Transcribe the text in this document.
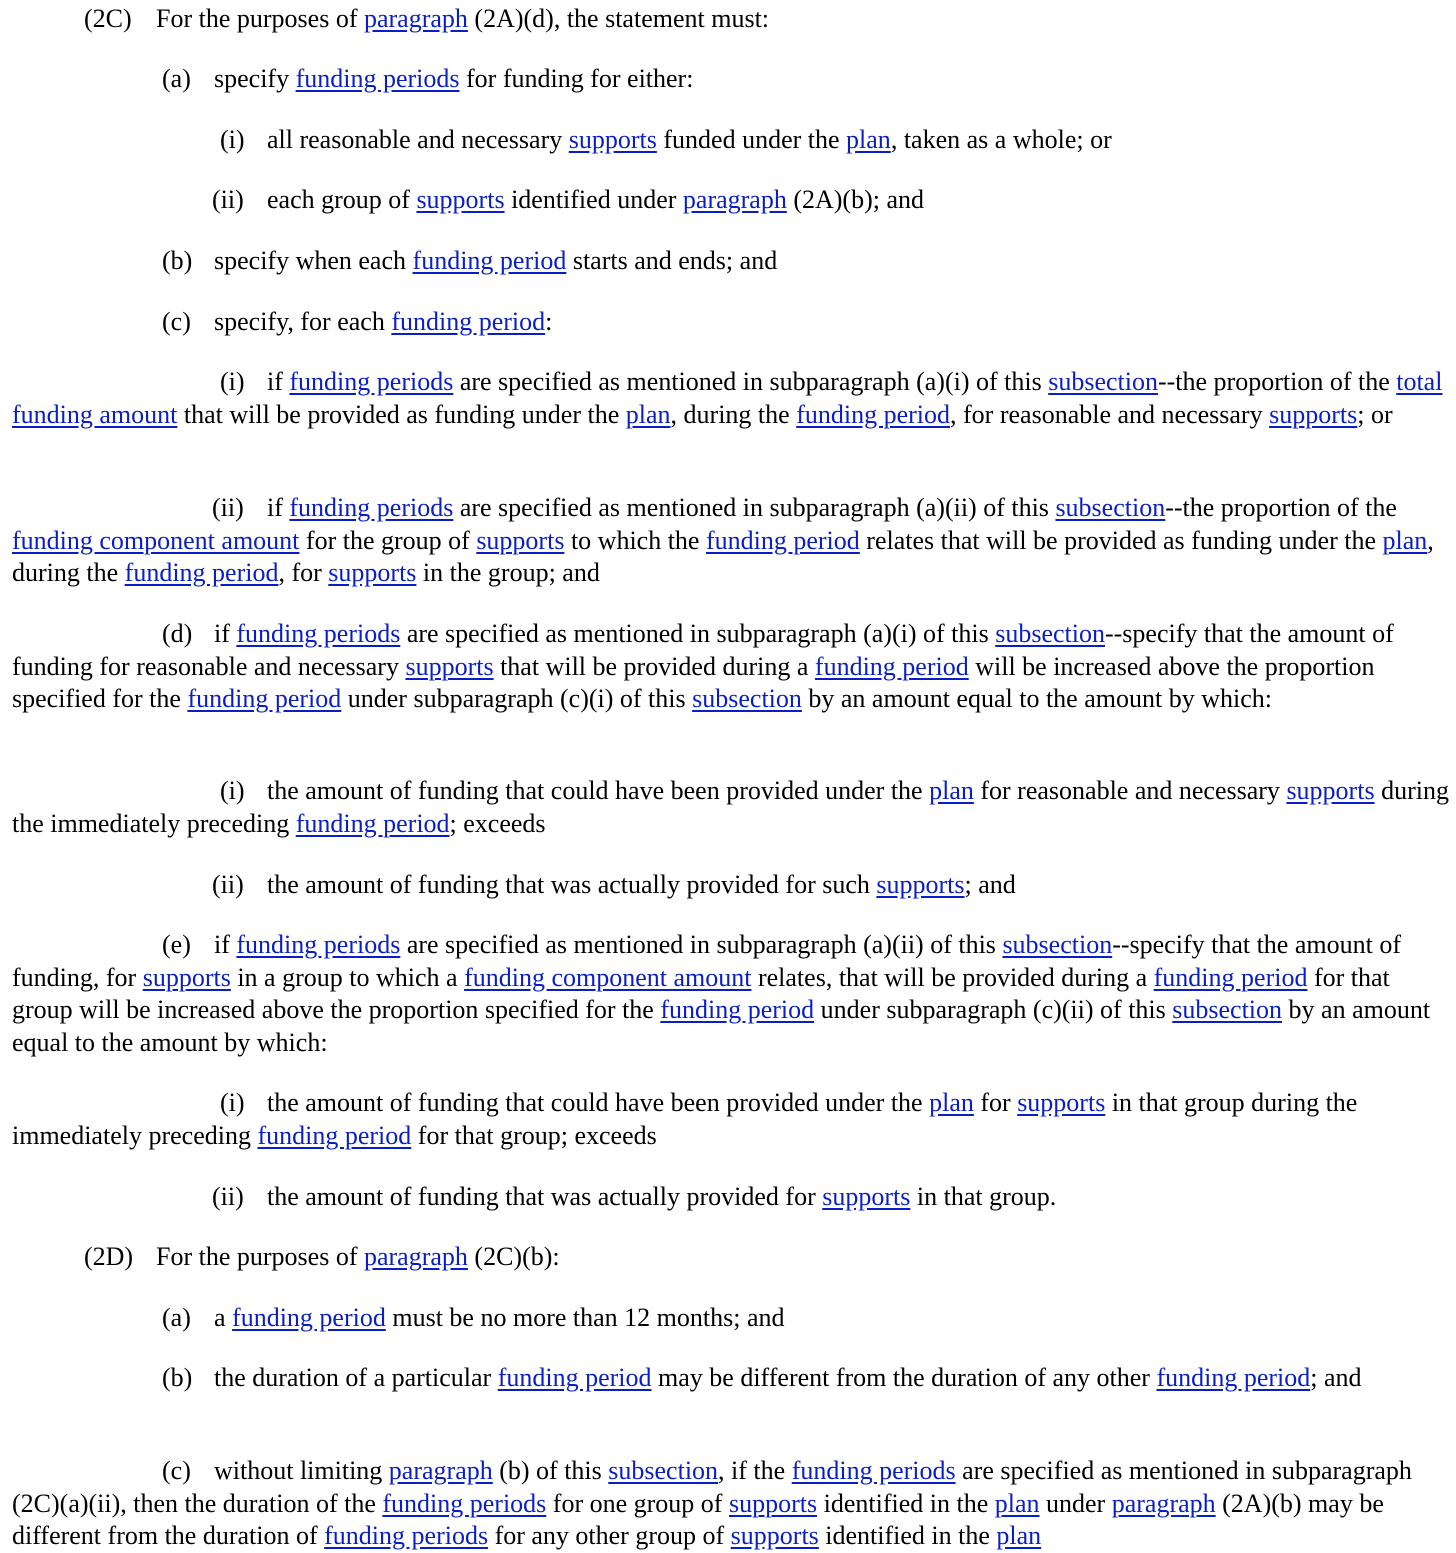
(2C) For the purposes of paragraph (2A)(d), the statement must:
(a) specify funding periods for funding for either:
(i) all reasonable and necessary supports funded under the plan, taken as a whole; or
(ii) each group of supports identified under paragraph (2A)(b); and
(b) specify when each funding period starts and ends; and
(c) specify, for each funding period:
(i) if funding periods are specified as mentioned in subparagraph (a)(i) of this subsection--the proportion of the total funding amount that will be provided as funding under the plan, during the funding period, for reasonable and necessary supports; or
(ii) if funding periods are specified as mentioned in subparagraph (a)(ii) of this subsection--the proportion of the funding component amount for the group of supports to which the funding period relates that will be provided as funding under the plan, during the funding period, for supports in the group; and
(d) if funding periods are specified as mentioned in subparagraph (a)(i) of this subsection--specify that the amount of funding for reasonable and necessary supports that will be provided during a funding period will be increased above the proportion specified for the funding period under subparagraph (c)(i) of this subsection by an amount equal to the amount by which:
(i) the amount of funding that could have been provided under the plan for reasonable and necessary supports during the immediately preceding funding period; exceeds
(ii) the amount of funding that was actually provided for such supports; and
(e) if funding periods are specified as mentioned in subparagraph (a)(ii) of this subsection--specify that the amount of funding, for supports in a group to which a funding component amount relates, that will be provided during a funding period for that group will be increased above the proportion specified for the funding period under subparagraph (c)(ii) of this subsection by an amount equal to the amount by which:
(i) the amount of funding that could have been provided under the plan for supports in that group during the immediately preceding funding period for that group; exceeds
(ii) the amount of funding that was actually provided for supports in that group.
(2D) For the purposes of paragraph (2C)(b):
(a) a funding period must be no more than 12 months; and
(b) the duration of a particular funding period may be different from the duration of any other funding period; and
(c) without limiting paragraph (b) of this subsection, if the funding periods are specified as mentioned in subparagraph (2C)(a)(ii), then the duration of the funding periods for one group of supports identified in the plan under paragraph (2A)(b) may be different from the duration of funding periods for any other group of supports identified in the plan
